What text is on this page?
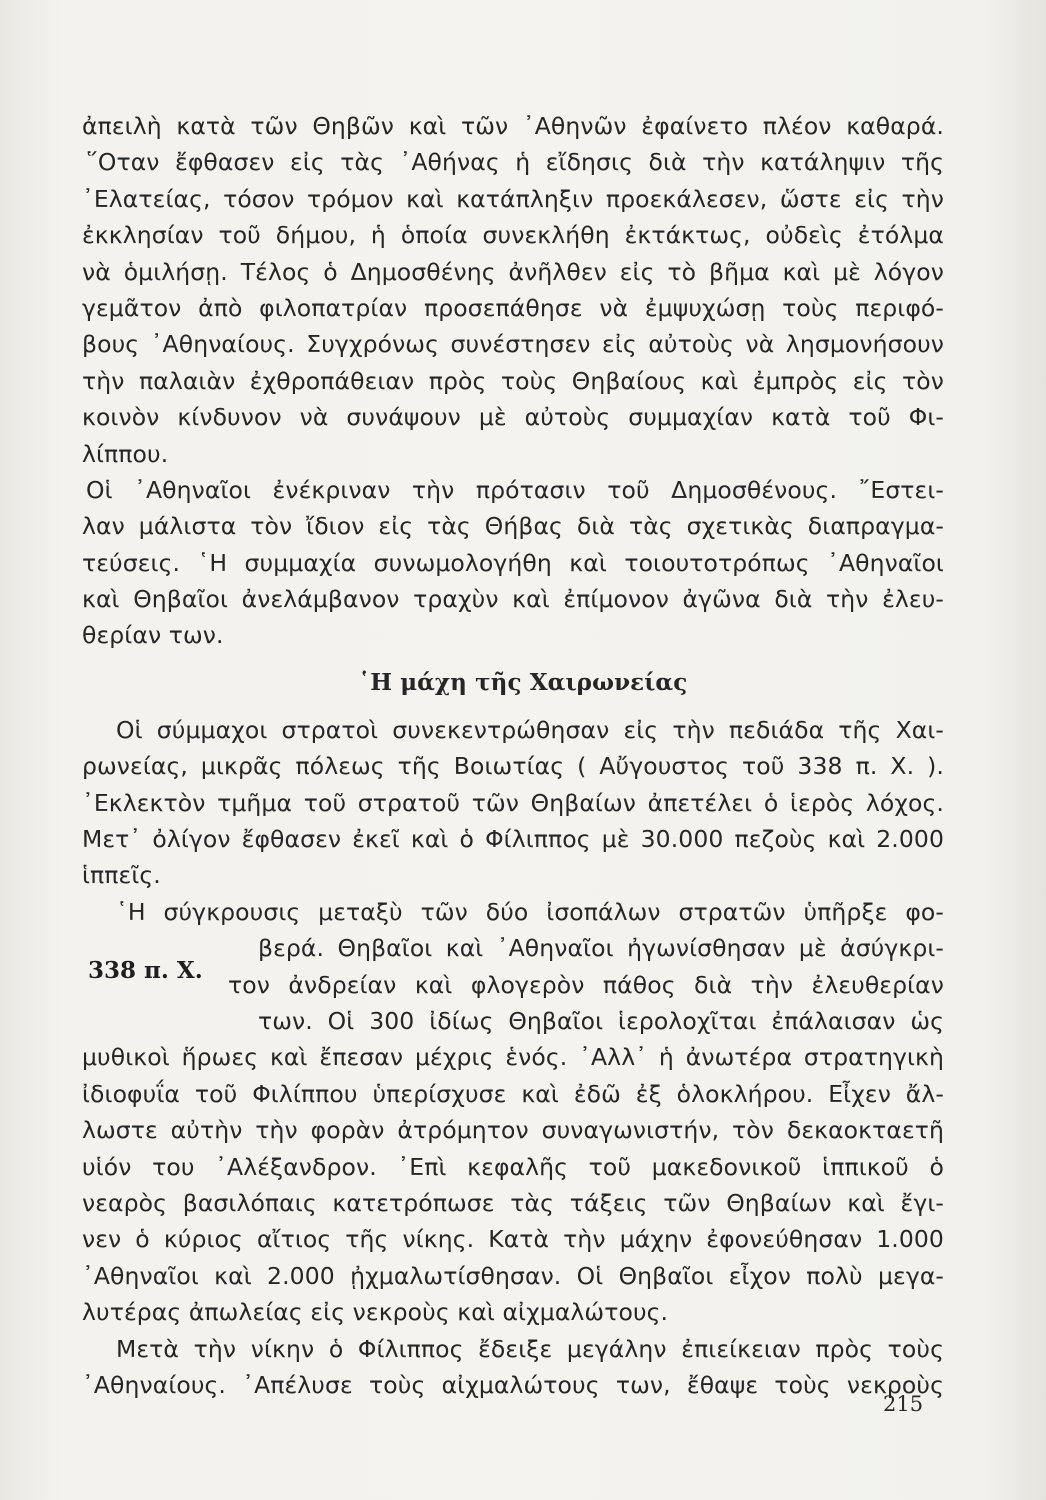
ἀπειλὴ κατὰ τῶν Θηβῶν καὶ τῶν ᾿Αθηνῶν ἐφαίνετο πλέον καθαρά.
῞Οταν ἔφθασεν εἰς τὰς ᾿Αθήνας ἡ εἴδησις διὰ τὴν κατάληψιν τῆς
᾿Ελατείας, τόσον τρόμον καὶ κατάπληξιν προεκάλεσεν, ὥστε εἰς τὴν
ἐκκλησίαν τοῦ δήμου, ἡ ὁποία συνεκλήθη ἐκτάκτως, οὐδεὶς ἐτόλμα
νὰ ὁμιλήσῃ. Τέλος ὁ Δημοσθένης ἀνῆλθεν εἰς τὸ βῆμα καὶ μὲ λόγον
γεμᾶτον ἀπὸ φιλοπατρίαν προσεπάθησε νὰ ἐμψυχώσῃ τοὺς περιφό-
βους ᾿Αθηναίους. Συγχρόνως συνέστησεν εἰς αὐτοὺς νὰ λησμονήσουν
τὴν παλαιὰν ἐχθροπάθειαν πρὸς τοὺς Θηβαίους καὶ ἐμπρὸς εἰς τὸν
κοινὸν κίνδυνον νὰ συνάψουν μὲ αὐτοὺς συμμαχίαν κατὰ τοῦ Φι-
λίππου.
Οἱ ᾿Αθηναῖοι ἐνέκριναν τὴν πρότασιν τοῦ Δημοσθένους. ῎Εστει-
λαν μάλιστα τὸν ἴδιον εἰς τὰς Θήβας διὰ τὰς σχετικὰς διαπραγμα-
τεύσεις. ῾Η συμμαχία συνωμολογήθη καὶ τοιουτοτρόπως ᾿Αθηναῖοι
καὶ Θηβαῖοι ἀνελάμβανον τραχὺν καὶ ἐπίμονον ἀγῶνα διὰ τὴν ἐλευ-
θερίαν των.
῾Η μάχη τῆς Χαιρωνείας
Οἱ σύμμαχοι στρατοὶ συνεκεντρώθησαν εἰς τὴν πεδιάδα τῆς Χαι-
ρωνείας, μικρᾶς πόλεως τῆς Βοιωτίας ( Αὔγουστος τοῦ 338 π. Χ. ).
᾿Εκλεκτὸν τμῆμα τοῦ στρατοῦ τῶν Θηβαίων ἀπετέλει ὁ ἱερὸς λόχος.
Μετ᾿ ὀλίγον ἔφθασεν ἐκεῖ καὶ ὁ Φίλιππος μὲ 30.000 πεζοὺς καὶ 2.000
ἱππεῖς.
῾Η σύγκρουσις μεταξὺ τῶν δύο ἰσοπάλων στρατῶν ὑπῆρξε φο-
βερά. Θηβαῖοι καὶ ᾿Αθηναῖοι ἠγωνίσθησαν μὲ ἀσύγκρι-
τον ἀνδρείαν καὶ φλογερὸν πάθος διὰ τὴν ἐλευθερίαν
των. Οἱ 300 ἰδίως Θηβαῖοι ἱερολοχῖται ἐπάλαισαν ὡς
μυθικοὶ ἥρωες καὶ ἔπεσαν μέχρις ἑνός. ᾿Αλλ᾿ ἡ ἀνωτέρα στρατηγικὴ
ἰδιοφυΐα τοῦ Φιλίππου ὑπερίσχυσε καὶ ἐδῶ ἐξ ὁλοκλήρου. Εἶχεν ἄλ-
λωστε αὐτὴν τὴν φορὰν ἀτρόμητον συναγωνιστήν, τὸν δεκαοκταετῆ
υἱόν του ᾿Αλέξανδρον. ᾿Επὶ κεφαλῆς τοῦ μακεδονικοῦ ἱππικοῦ ὁ
νεαρὸς βασιλόπαις κατετρόπωσε τὰς τάξεις τῶν Θηβαίων καὶ ἔγι-
νεν ὁ κύριος αἴτιος τῆς νίκης. Κατὰ τὴν μάχην ἐφονεύθησαν 1.000
᾿Αθηναῖοι καὶ 2.000 ᾐχμαλωτίσθησαν. Οἱ Θηβαῖοι εἶχον πολὺ μεγα-
λυτέρας ἀπωλείας εἰς νεκροὺς καὶ αἰχμαλώτους.
Μετὰ τὴν νίκην ὁ Φίλιππος ἔδειξε μεγάλην ἐπιείκειαν πρὸς τοὺς
᾿Αθηναίους. ᾿Απέλυσε τοὺς αἰχμαλώτους των, ἔθαψε τοὺς νεκροὺς
338 π. Χ.
215
